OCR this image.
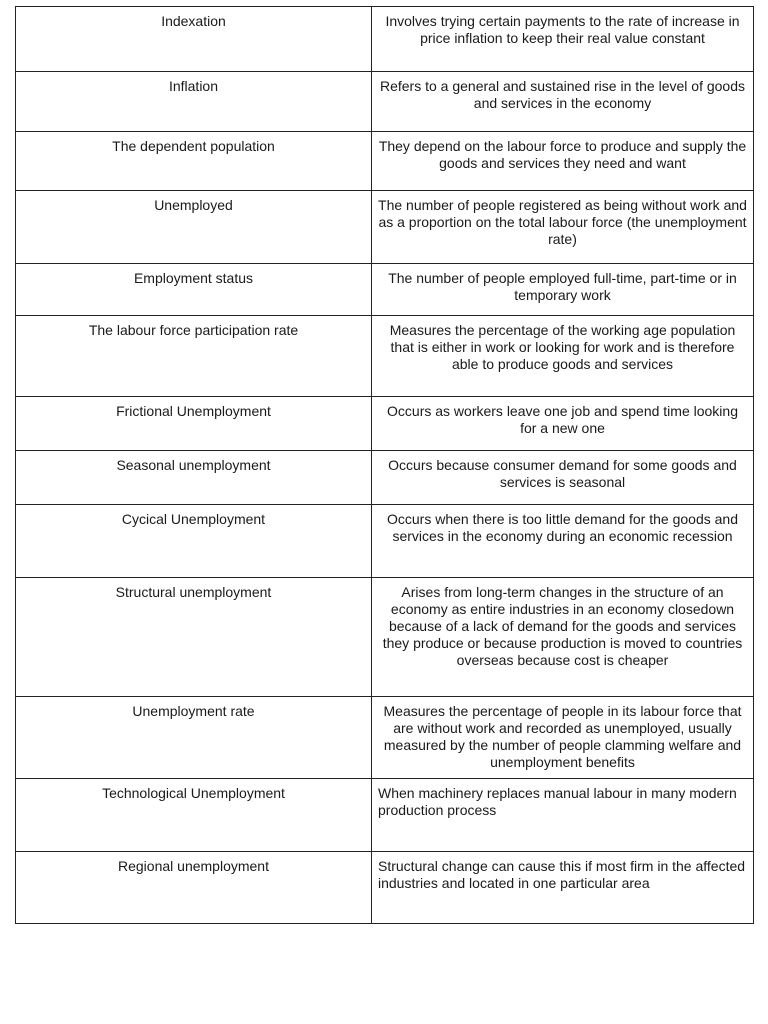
Indexation	Involves trying certain payments to the rate of increase in price inflation to keep their real value constant
Inflation	Refers to a general and sustained rise in the level of goods and services in the economy
The dependent population	They depend on the labour force to produce and supply the goods and services they need and want
Unemployed	The number of people registered as being without work and as a proportion on the total labour force (the unemployment rate)
Employment status	The number of people employed full-time, part-time or in temporary work
The labour force participation rate	Measures the percentage of the working age population that is either in work or looking for work and is therefore able to produce goods and services
Frictional Unemployment	Occurs as workers leave one job and spend time looking for a new one
Seasonal unemployment	Occurs because consumer demand for some goods and services is seasonal
Cycical Unemployment	Occurs when there is too little demand for the goods and services in the economy during an economic recession
Structural unemployment	Arises from long-term changes in the structure of an economy as entire industries in an economy closedown because of a lack of demand for the goods and services they produce or because production is moved to countries overseas because cost is cheaper
Unemployment rate	Measures the percentage of people in its labour force that are without work and recorded as unemployed, usually measured by the number of people clamming welfare and unemployment benefits
Technological Unemployment	When machinery replaces manual labour in many modern production process
Regional unemployment	Structural change can cause this if most firm in the affected industries and located in one particular area
